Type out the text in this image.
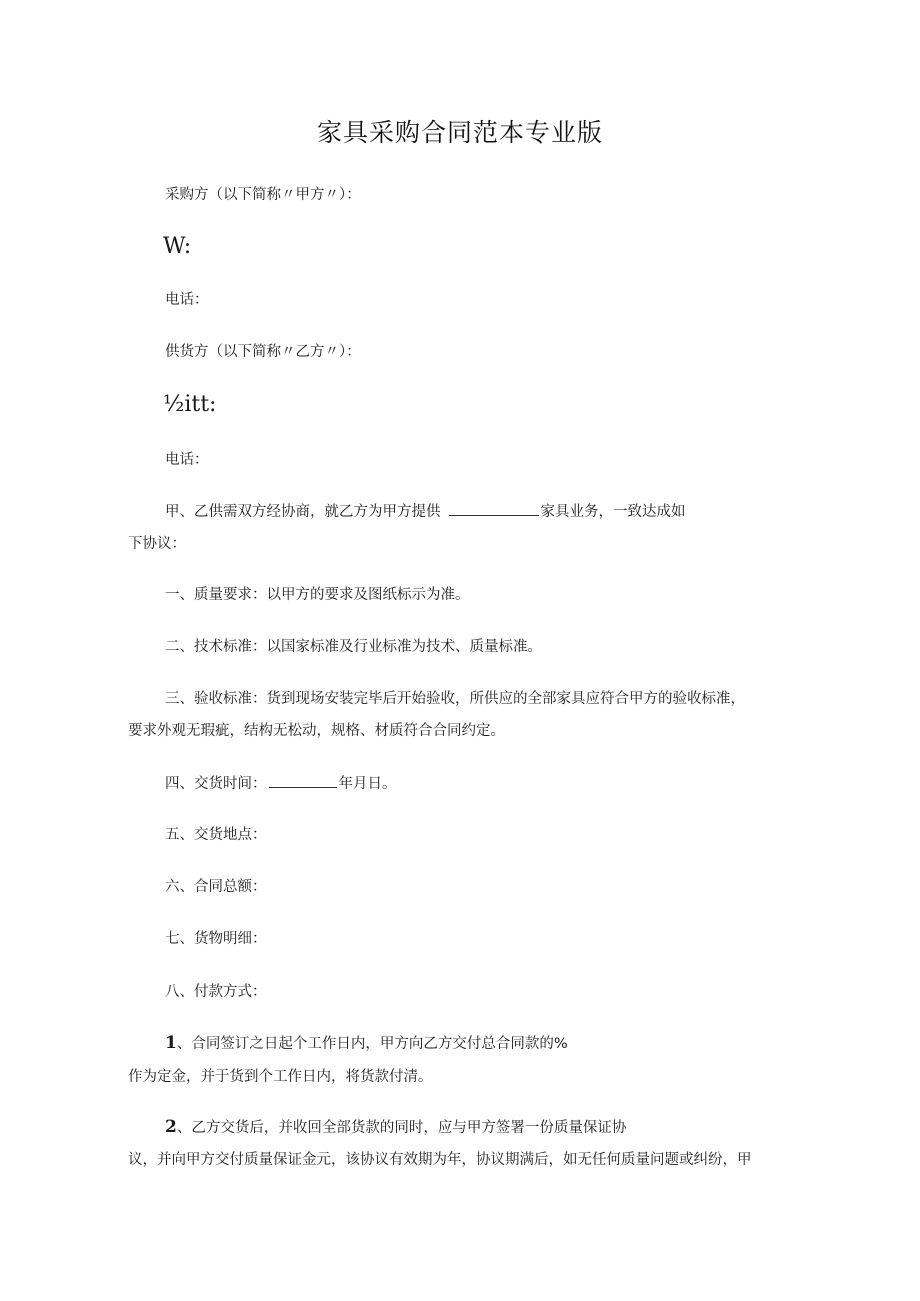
家具采购合同范本专业版
采购方（以下简称〃甲方〃）：
W:
电话：
供货方（以下简称〃乙方〃）：
½itt:
电话：
甲、乙供需双方经协商，就乙方为甲方提供	家具业务，一致达成如
下协议：
一、质量要求：以甲方的要求及图纸标示为准。
二、技术标准：以国家标准及行业标准为技术、质量标准。
三、验收标准：货到现场安装完毕后开始验收，所供应的全部家具应符合甲方的验收标准，
要求外观无瑕疵，结构无松动，规格、材质符合合同约定。
四、交货时间：	年月日。
五、交货地点：
六、合同总额：
七、货物明细：
八、付款方式：
1、合同签订之日起个工作日内，甲方向乙方交付总合同款的%
作为定金，并于货到个工作日内，将货款付清。
2、乙方交货后，并收回全部货款的同时，应与甲方签署一份质量保证协
议，并向甲方交付质量保证金元，该协议有效期为年，协议期满后，如无任何质量问题或纠纷，甲
